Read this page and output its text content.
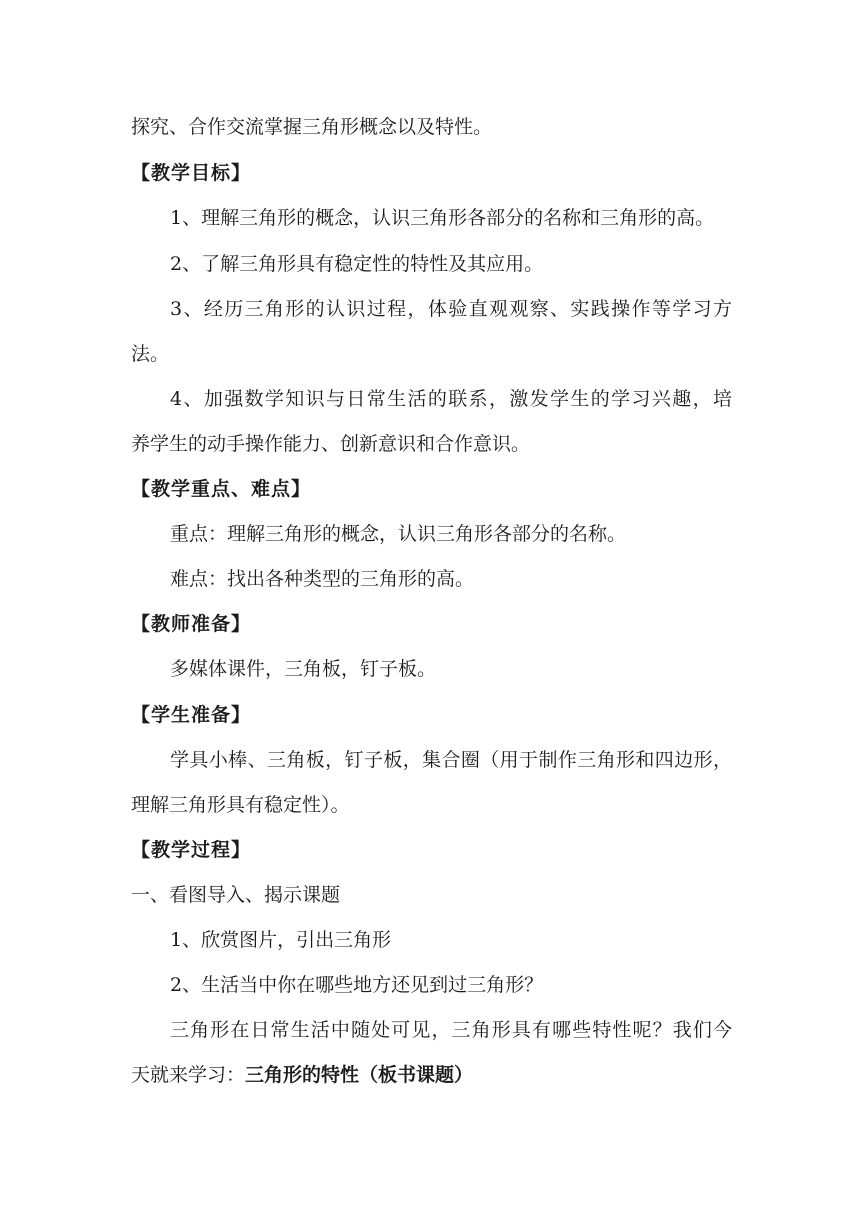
探究、合作交流掌握三角形概念以及特性。
【教学目标】
1、理解三角形的概念，认识三角形各部分的名称和三角形的高。
2、了解三角形具有稳定性的特性及其应用。
3、经历三角形的认识过程，体验直观观察、实践操作等学习方
法。
4、加强数学知识与日常生活的联系，激发学生的学习兴趣，培
养学生的动手操作能力、创新意识和合作意识。
【教学重点、难点】
重点：理解三角形的概念，认识三角形各部分的名称。
难点：找出各种类型的三角形的高。
【教师准备】
多媒体课件，三角板，钉子板。
【学生准备】
学具小棒、三角板，钉子板，集合圈（用于制作三角形和四边形，
理解三角形具有稳定性）。
【教学过程】
一、看图导入、揭示课题
1、欣赏图片，引出三角形
2、生活当中你在哪些地方还见到过三角形？
三角形在日常生活中随处可见，三角形具有哪些特性呢？我们今
天就来学习：三角形的特性（板书课题）
